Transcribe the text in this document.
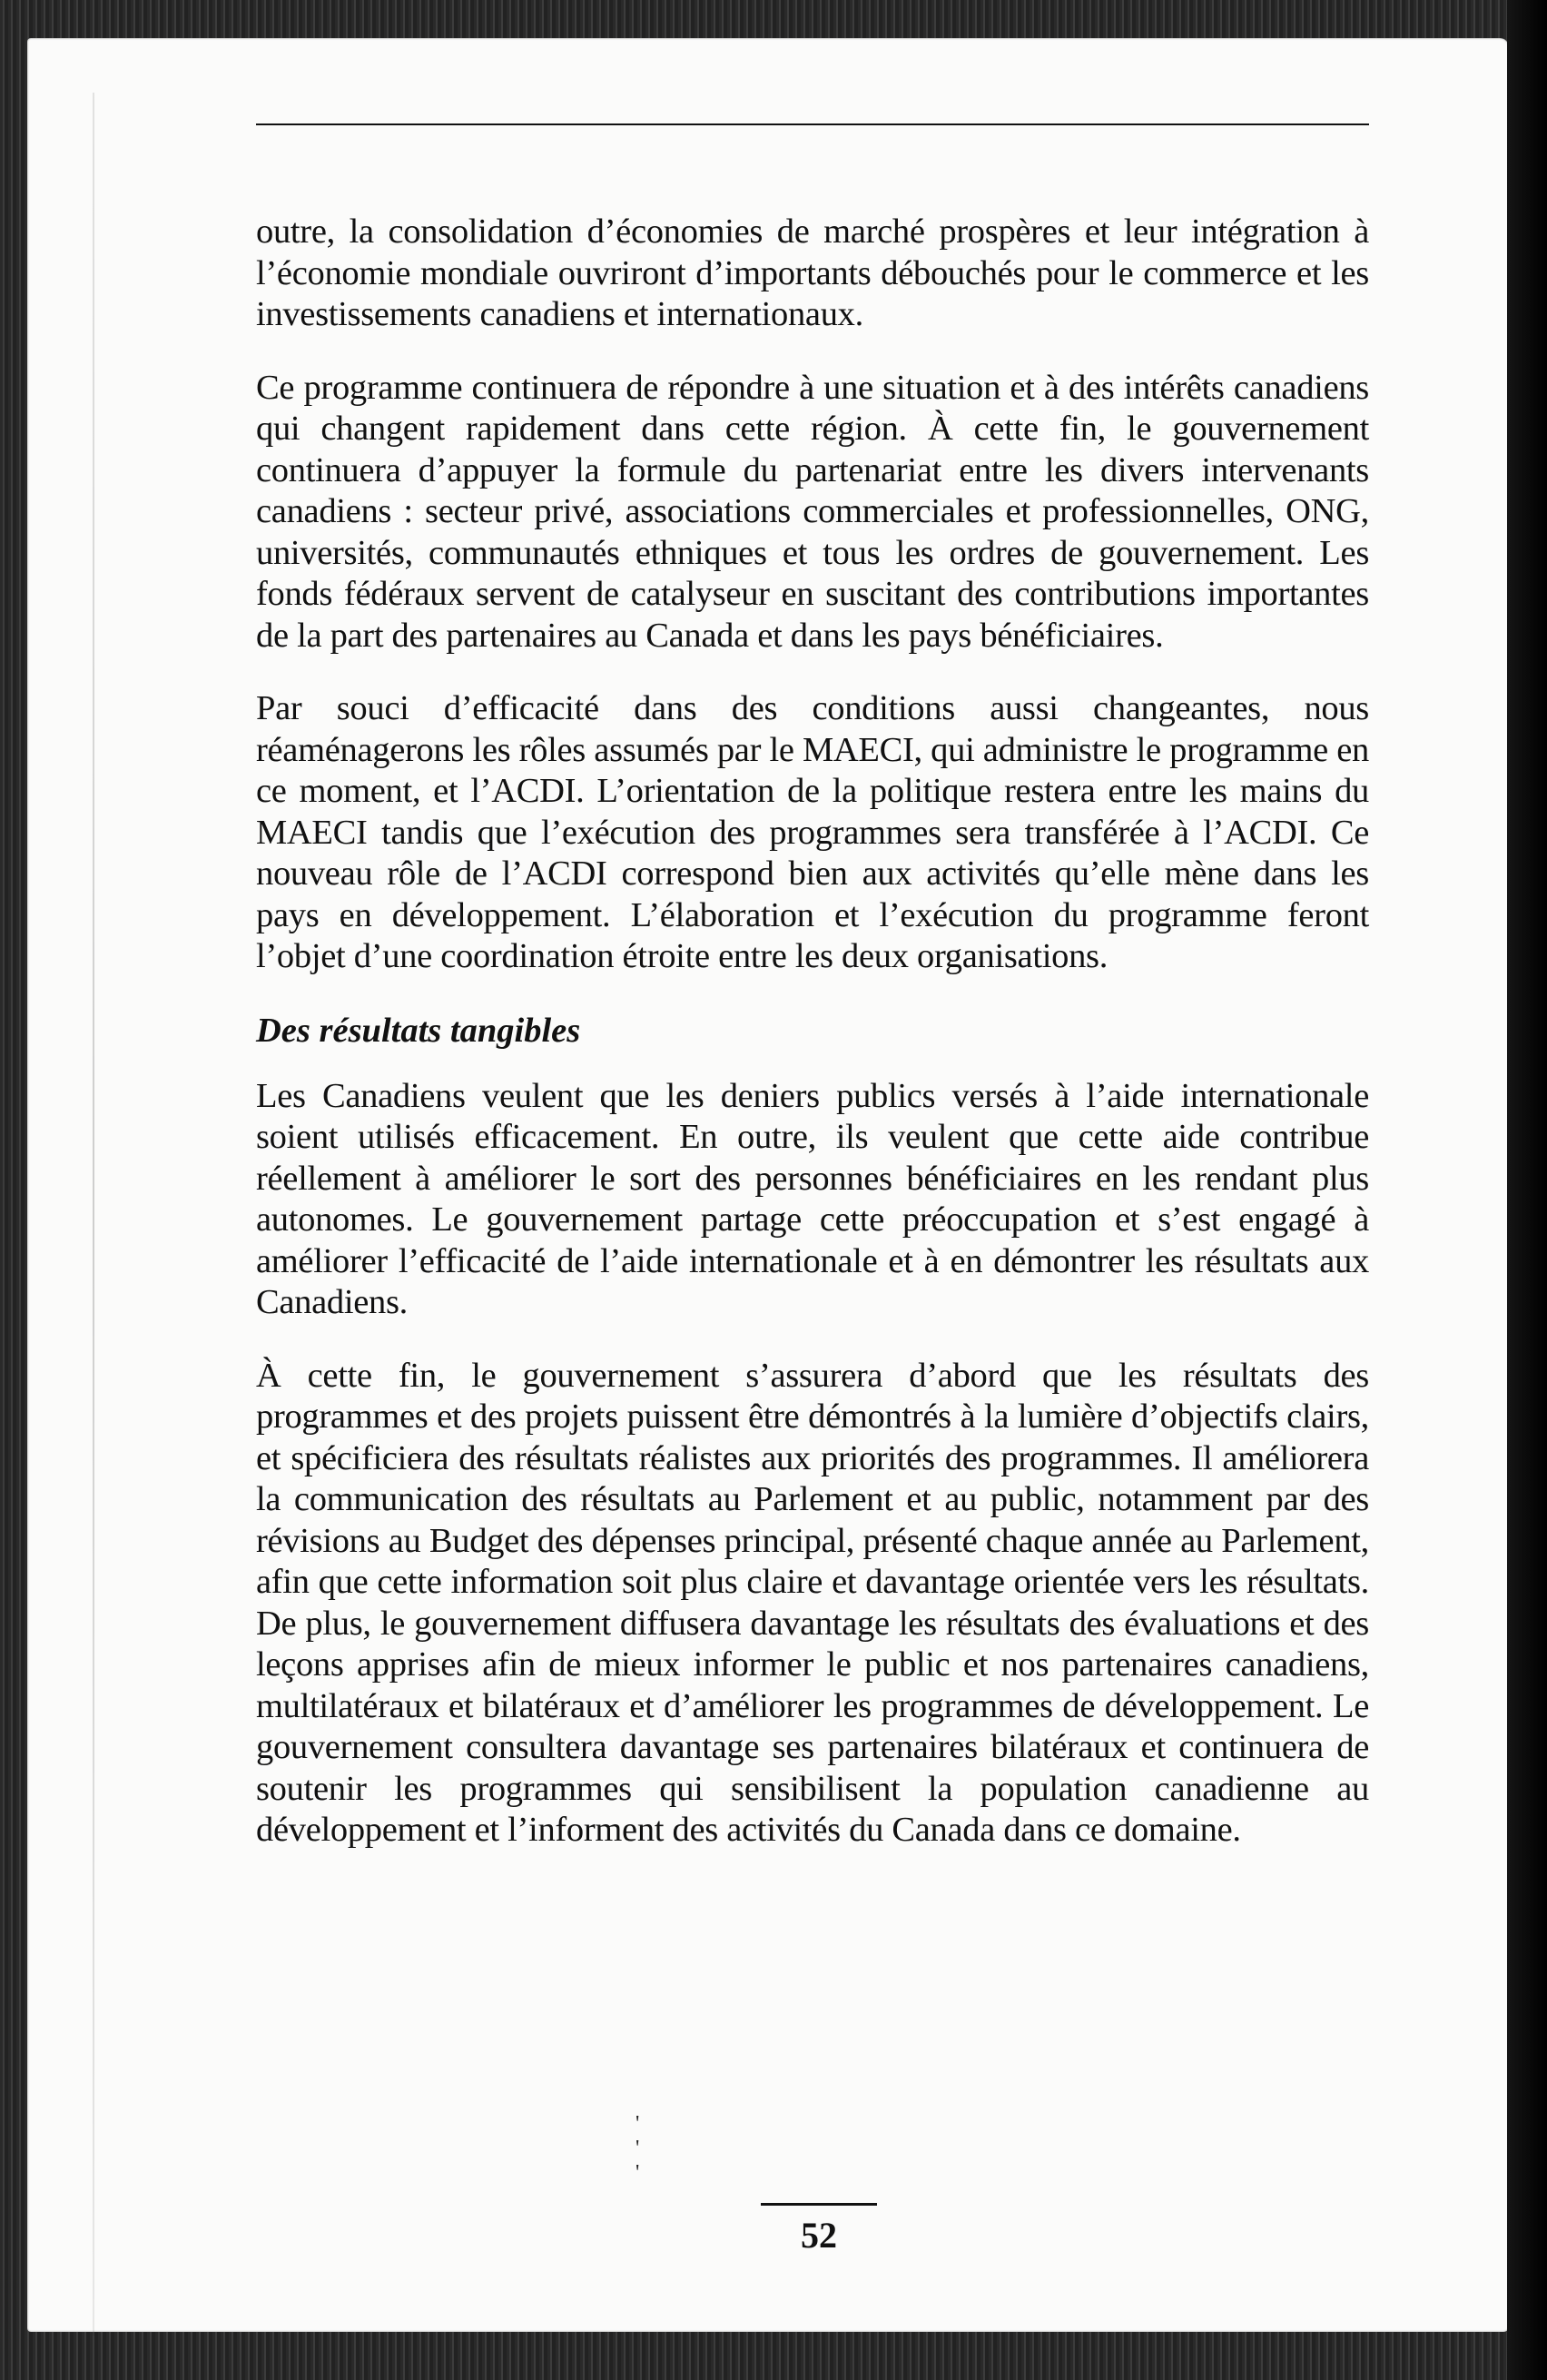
outre, la consolidation d’économies de marché prospères et leur intégration à l’économie mondiale ouvriront d’importants débouchés pour le commerce et les investissements canadiens et internationaux.

Ce programme continuera de répondre à une situation et à des intérêts canadiens qui changent rapidement dans cette région. À cette fin, le gouvernement continuera d’appuyer la formule du partenariat entre les divers intervenants canadiens : secteur privé, associations commerciales et professionnelles, ONG, universités, communautés ethniques et tous les ordres de gouvernement. Les fonds fédéraux servent de catalyseur en suscitant des contributions importantes de la part des partenaires au Canada et dans les pays bénéficiaires.

Par souci d’efficacité dans des conditions aussi changeantes, nous réaménagerons les rôles assumés par le MAECI, qui administre le programme en ce moment, et l’ACDI. L’orientation de la politique restera entre les mains du MAECI tandis que l’exécution des programmes sera transférée à l’ACDI. Ce nouveau rôle de l’ACDI correspond bien aux activités qu’elle mène dans les pays en développement. L’élaboration et l’exécution du programme feront l’objet d’une coordination étroite entre les deux organisations.

Des résultats tangibles

Les Canadiens veulent que les deniers publics versés à l’aide internationale soient utilisés efficacement. En outre, ils veulent que cette aide contribue réellement à améliorer le sort des personnes bénéficiaires en les rendant plus autonomes. Le gouvernement partage cette préoccupation et s’est engagé à améliorer l’efficacité de l’aide internationale et à en démontrer les résultats aux Canadiens.

À cette fin, le gouvernement s’assurera d’abord que les résultats des programmes et des projets puissent être démontrés à la lumière d’objectifs clairs, et spécificiera des résultats réalistes aux priorités des programmes. Il améliorera la communication des résultats au Parlement et au public, notamment par des révisions au Budget des dépenses principal, présenté chaque année au Parlement, afin que cette information soit plus claire et davantage orientée vers les résultats. De plus, le gouvernement diffusera davantage les résultats des évaluations et des leçons apprises afin de mieux informer le public et nos partenaires canadiens, multilatéraux et bilatéraux et d’améliorer les programmes de développement. Le gouvernement consultera davantage ses partenaires bilatéraux et continuera de soutenir les programmes qui sensibilisent la population canadienne au développement et l’informent des activités du Canada dans ce domaine.

' ' '
52
